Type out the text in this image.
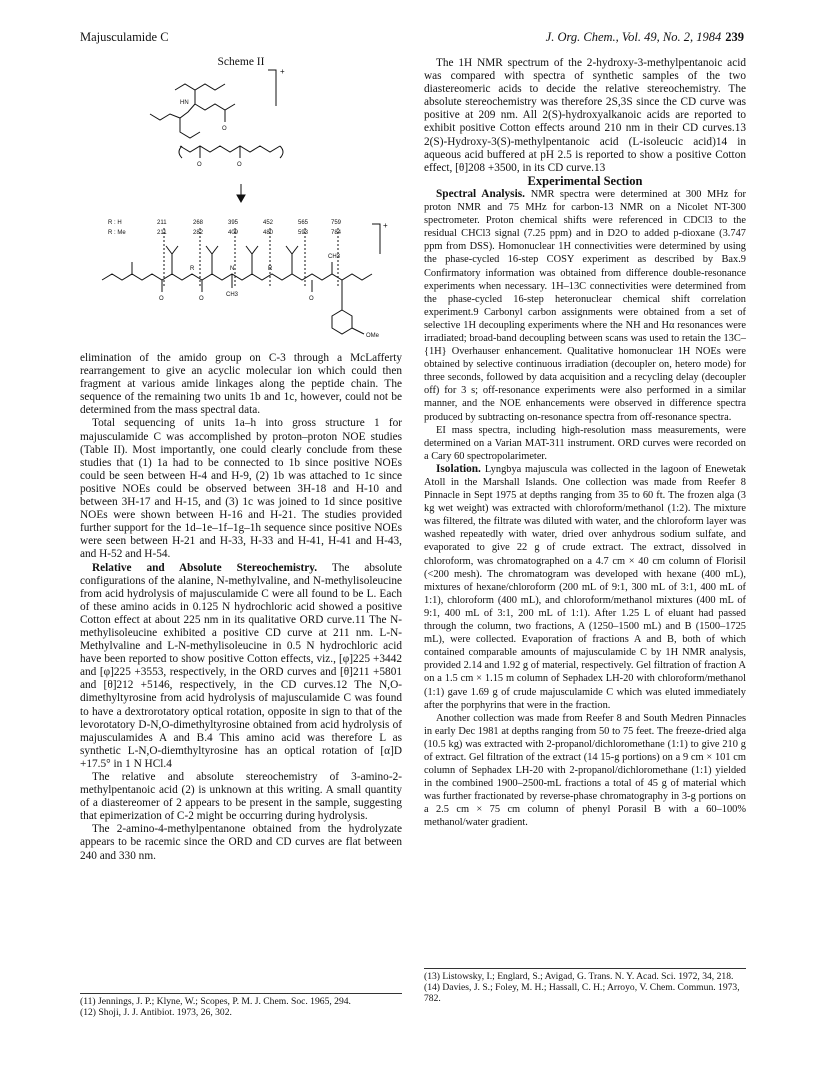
Majusculamide C	J. Org. Chem., Vol. 49, No. 2, 1984 239
Scheme II
R : H
R : Me
211	268	395	452	565	759
211	282	409	480	593	784
+
+
HN
O
O	O
O	O	O
CH3
N
R	R
CH3
OMe

elimination of the amido group on C-3 through a McLafferty rearrangement to give an acyclic molecular ion which could then fragment at various amide linkages along the peptide chain. The sequence of the remaining two units 1b and 1c, however, could not be determined from the mass spectral data.

Total sequencing of units 1a–h into gross structure 1 for majusculamide C was accomplished by proton–proton NOE studies (Table II). Most importantly, one could clearly conclude from these studies that (1) 1a had to be connected to 1b since positive NOEs could be seen between H-4 and H-9, (2) 1b was attached to 1c since positive NOEs could be observed between 3H-18 and H-10 and between 3H-17 and H-15, and (3) 1c was joined to 1d since positive NOEs were shown between H-16 and H-21. The studies provided further support for the 1d–1e–1f–1g–1h sequence since positive NOEs were seen between H-21 and H-33, H-33 and H-41, H-41 and H-43, and H-52 and H-54.

Relative and Absolute Stereochemistry. The absolute configurations of the alanine, N-methylvaline, and N-methylisoleucine from acid hydrolysis of majusculamide C were all found to be L. Each of these amino acids in 0.125 N hydrochloric acid showed a positive Cotton effect at about 225 nm in its qualitative ORD curve.11 The N-methylisoleucine exhibited a positive CD curve at 211 nm. L-N-Methylvaline and L-N-methylisoleucine in 0.5 N hydrochloric acid have been reported to show positive Cotton effects, viz., [φ]225 +3442 and [φ]225 +3553, respectively, in the ORD curves and [θ]211 +5801 and [θ]212 +5146, respectively, in the CD curves.12 The N,O-dimethyltyrosine from acid hydrolysis of majusculamide C was found to have a dextrorotatory optical rotation, opposite in sign to that of the levorotatory D-N,O-dimethyltyrosine obtained from acid hydrolysis of majusculamides A and B.4 This amino acid was therefore L as synthetic L-N,O-diemthyltyrosine has an optical rotation of [α]D +17.5° in 1 N HCl.4

The relative and absolute stereochemistry of 3-amino-2-methylpentanoic acid (2) is unknown at this writing. A small quantity of a diastereomer of 2 appears to be present in the sample, suggesting that epimerization of C-2 might be occurring during hydrolysis.

The 2-amino-4-methylpentanone obtained from the hydrolyzate appears to be racemic since the ORD and CD curves are flat between 240 and 330 nm.

The 1H NMR spectrum of the 2-hydroxy-3-methylpentanoic acid was compared with spectra of synthetic samples of the two diastereomeric acids to decide the relative stereochemistry. The absolute stereochemistry was therefore 2S,3S since the CD curve was positive at 209 nm. All 2(S)-hydroxyalkanoic acids are reported to exhibit positive Cotton effects around 210 nm in their CD curves.13 2(S)-Hydroxy-3(S)-methylpentanoic acid (L-isoleucic acid)14 in aqueous acid buffered at pH 2.5 is reported to show a positive Cotton effect, [θ]208 +3500, in its CD curve.13

Experimental Section

Spectral Analysis. NMR spectra were determined at 300 MHz for proton NMR and 75 MHz for carbon-13 NMR on a Nicolet NT-300 spectrometer. Proton chemical shifts were referenced in CDCl3 to the residual CHCl3 signal (7.25 ppm) and in D2O to added p-dioxane (3.747 ppm from DSS). Homonuclear 1H connectivities were determined by using the phase-cycled 16-step COSY experiment as described by Bax.9 Confirmatory information was obtained from difference double-resonance experiments when necessary. 1H–13C connectivities were determined from the phase-cycled 16-step heteronuclear chemical shift correlation experiment.9 Carbonyl carbon assignments were obtained from a set of selective 1H decoupling experiments where the NH and Hα resonances were irradiated; broad-band decoupling between scans was used to retain the 13C–{1H} Overhauser enhancement. Qualitative homonuclear 1H NOEs were obtained by selective continuous irradiation (decoupler on, hetero mode) for three seconds, followed by data acquisition and a recycling delay (decoupler off) for 3 s; off-resonance experiments were also performed in a similar manner, and the NOE enhancements were observed in difference spectra produced by subtracting on-resonance spectra from off-resonance spectra.

EI mass spectra, including high-resolution mass measurements, were determined on a Varian MAT-311 instrument. ORD curves were recorded on a Cary 60 spectropolarimeter.

Isolation. Lyngbya majuscula was collected in the lagoon of Enewetak Atoll in the Marshall Islands. One collection was made from Reefer 8 Pinnacle in Sept 1975 at depths ranging from 35 to 60 ft. The frozen alga (3 kg wet weight) was extracted with chloroform/methanol (1:2). The mixture was filtered, the filtrate was diluted with water, and the chloroform layer was washed repeatedly with water, dried over anhydrous sodium sulfate, and evaporated to give 22 g of crude extract. The extract, dissolved in chloroform, was chromatographed on a 4.7 cm × 40 cm column of Florisil (<200 mesh). The chromatogram was developed with hexane (400 mL), mixtures of hexane/chloroform (200 mL of 9:1, 300 mL of 3:1, 400 mL of 1:1), chloroform (400 mL), and chloroform/methanol mixtures (400 mL of 9:1, 400 mL of 3:1, 200 mL of 1:1). After 1.25 L of eluant had passed through the column, two fractions, A (1250–1500 mL) and B (1500–1725 mL), were collected. Evaporation of fractions A and B, both of which contained comparable amounts of majusculamide C by 1H NMR analysis, provided 2.14 and 1.92 g of material, respectively. Gel filtration of fraction A on a 1.5 cm × 1.15 m column of Sephadex LH-20 with chloroform/methanol (1:1) gave 1.69 g of crude majusculamide C which was eluted immediately after the porphyrins that were in the fraction.

Another collection was made from Reefer 8 and South Medren Pinnacles in early Dec 1981 at depths ranging from 50 to 75 feet. The freeze-dried alga (10.5 kg) was extracted with 2-propanol/dichloromethane (1:1) to give 210 g of extract. Gel filtration of the extract (14 15-g portions) on a 9 cm × 101 cm column of Sephadex LH-20 with 2-propanol/dichloromethane (1:1) yielded in the combined 1900–2500-mL fractions a total of 45 g of material which was further fractionated by reverse-phase chromatography in 3-g portions on a 2.5 cm × 75 cm column of phenyl Porasil B with a 60–100% methanol/water gradient.

(11) Jennings, J. P.; Klyne, W.; Scopes, P. M. J. Chem. Soc. 1965, 294.
(12) Shoji, J. J. Antibiot. 1973, 26, 302.
(13) Listowsky, I.; Englard, S.; Avigad, G. Trans. N. Y. Acad. Sci. 1972, 34, 218.
(14) Davies, J. S.; Foley, M. H.; Hassall, C. H.; Arroyo, V. Chem. Commun. 1973, 782.
